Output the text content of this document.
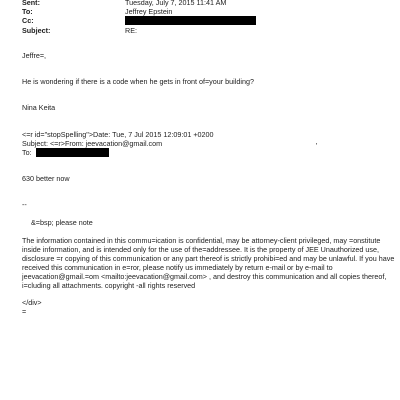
Sent:	Tuesday, July 7, 2015 11:41 AM
To:	Jeffrey Epstein
Cc:
Subject:	RE:
Jeffre=,
He is wondering if there is a code when he gets in front of=your building?
Nina Keita
<=r id="stopSpelling">Date: Tue, 7 Jul 2015 12:09:01 +0200
Subject: <=r>From: jeevacation@gmail.com	'
To:
630 better now
--
&=bsp; please note
The information contained in this commu=ication is confidential, may be attorney-client privileged, may =onstitute
inside information, and is intended only for the use of the=addressee. It is the property of JEE Unauthorized use,
disclosure =r copying of this communication or any part thereof is strictly prohibi=ed and may be unlawful. If you have
received this communication in e=ror, please notify us immediately by return e-mail or by e-mail to
jeevacation@gmail.=om <mailto:jeevacation@gmail.com> , and destroy this communication and all copies thereof,
i=cluding all attachments. copyright -all rights reserved
</div>
=
